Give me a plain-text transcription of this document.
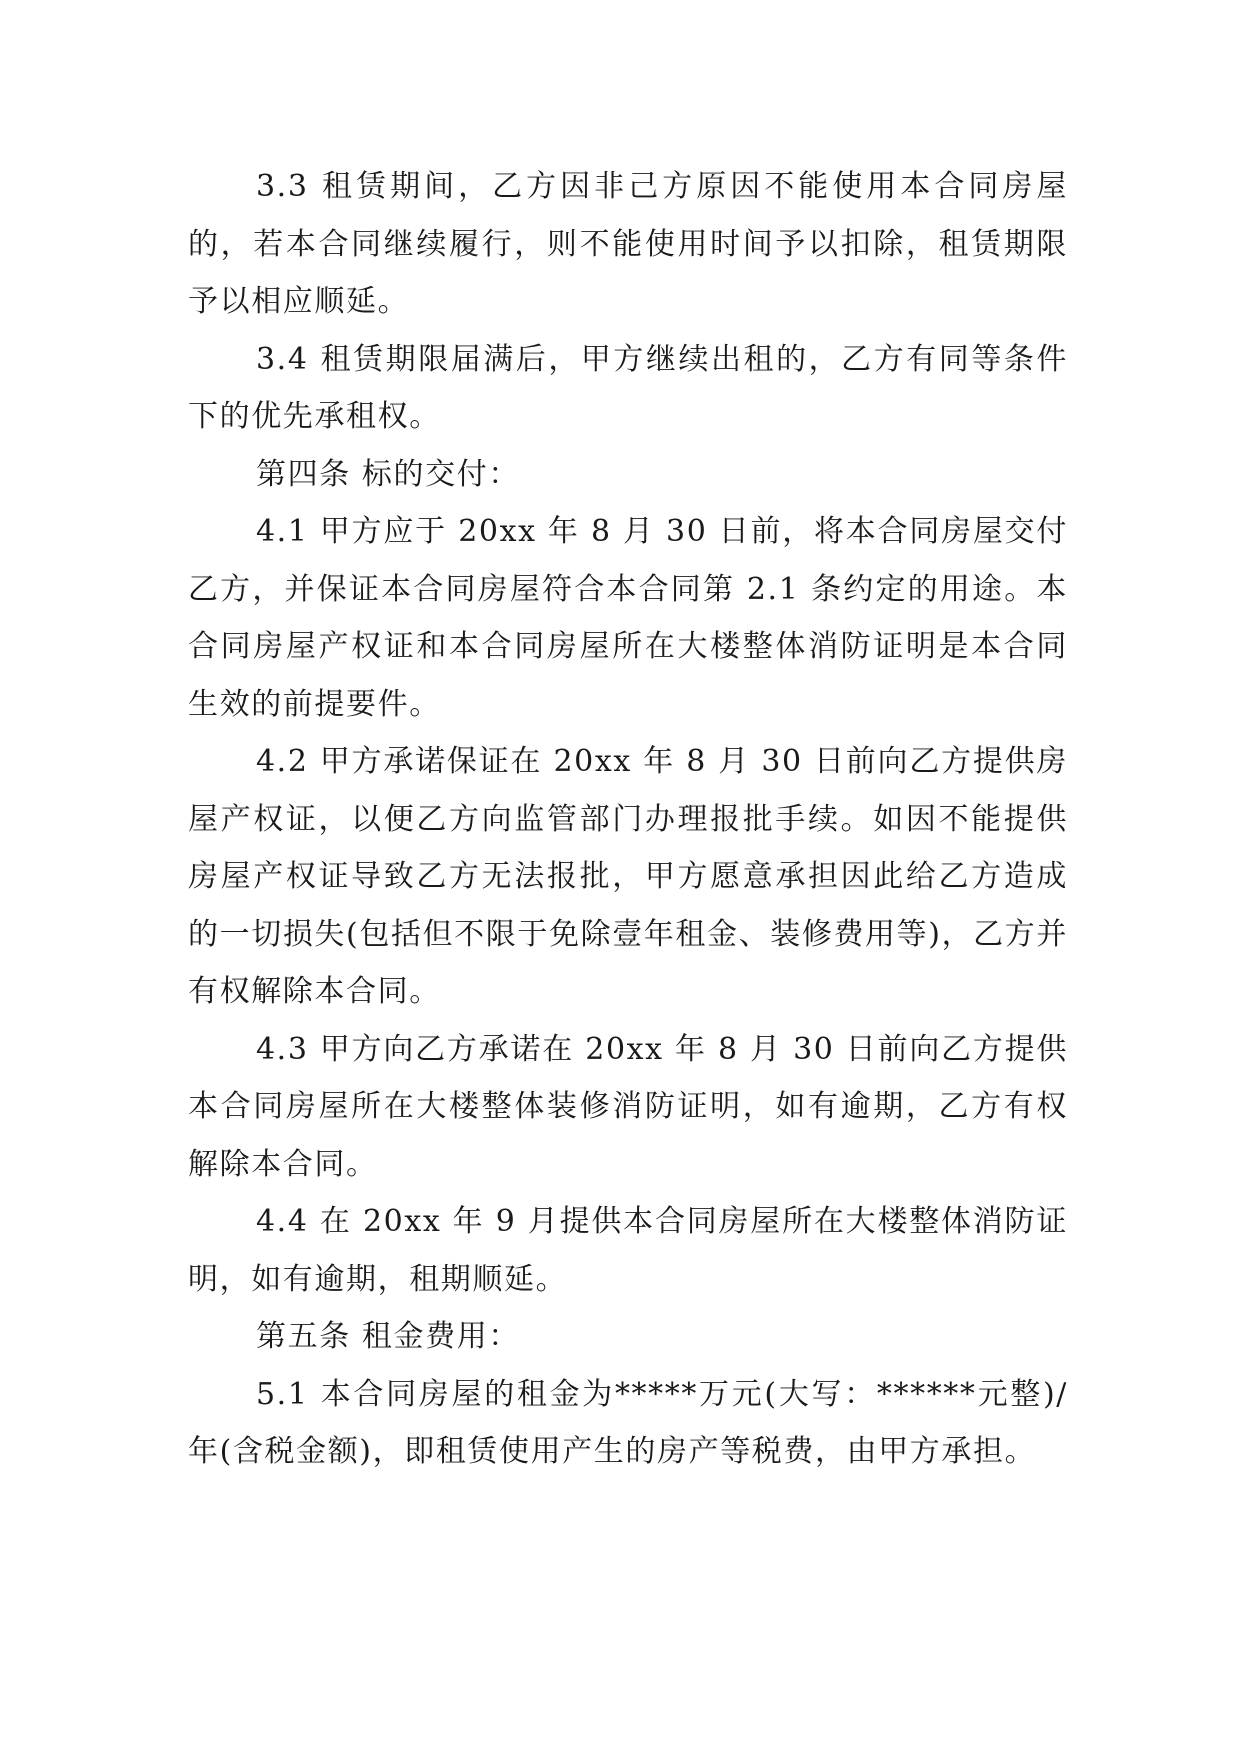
3.3 租赁期间，乙方因非己方原因不能使用本合同房屋的，若本合同继续履行，则不能使用时间予以扣除，租赁期限予以相应顺延。

3.4 租赁期限届满后，甲方继续出租的，乙方有同等条件下的优先承租权。

第四条 标的交付：

4.1 甲方应于 20xx 年 8 月 30 日前，将本合同房屋交付乙方，并保证本合同房屋符合本合同第 2.1 条约定的用途。本合同房屋产权证和本合同房屋所在大楼整体消防证明是本合同生效的前提要件。

4.2 甲方承诺保证在 20xx 年 8 月 30 日前向乙方提供房屋产权证，以便乙方向监管部门办理报批手续。如因不能提供房屋产权证导致乙方无法报批，甲方愿意承担因此给乙方造成的一切损失(包括但不限于免除壹年租金、装修费用等)，乙方并有权解除本合同。

4.3 甲方向乙方承诺在 20xx 年 8 月 30 日前向乙方提供本合同房屋所在大楼整体装修消防证明，如有逾期，乙方有权解除本合同。

4.4 在 20xx 年 9 月提供本合同房屋所在大楼整体消防证明，如有逾期，租期顺延。

第五条 租金费用：

5.1 本合同房屋的租金为*****万元(大写：******元整)/年(含税金额)，即租赁使用产生的房产等税费，由甲方承担。
